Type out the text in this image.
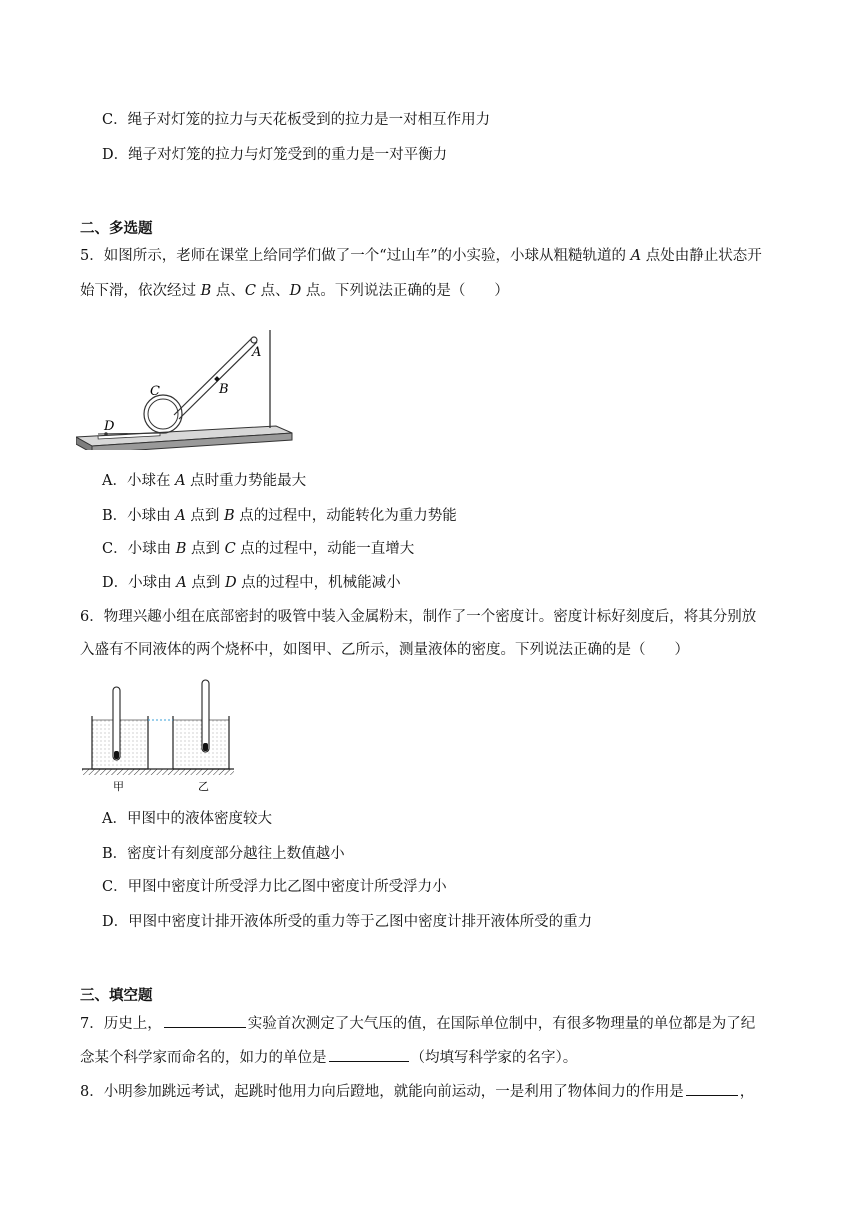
C．绳子对灯笼的拉力与天花板受到的拉力是一对相互作用力
D．绳子对灯笼的拉力与灯笼受到的重力是一对平衡力
二、多选题
5．如图所示，老师在课堂上给同学们做了一个“过山车”的小实验，小球从粗糙轨道的 A 点处由静止状态开
始下滑，依次经过 B 点、C 点、D 点。下列说法正确的是（　　）
A
B
C
D
A．小球在 A 点时重力势能最大
B．小球由 A 点到 B 点的过程中，动能转化为重力势能
C．小球由 B 点到 C 点的过程中，动能一直增大
D．小球由 A 点到 D 点的过程中，机械能减小
6．物理兴趣小组在底部密封的吸管中装入金属粉末，制作了一个密度计。密度计标好刻度后，将其分别放
入盛有不同液体的两个烧杯中，如图甲、乙所示，测量液体的密度。下列说法正确的是（　　）
甲	乙
A．甲图中的液体密度较大
B．密度计有刻度部分越往上数值越小
C．甲图中密度计所受浮力比乙图中密度计所受浮力小
D．甲图中密度计排开液体所受的重力等于乙图中密度计排开液体所受的重力
三、填空题
7．历史上，	实验首次测定了大气压的值，在国际单位制中，有很多物理量的单位都是为了纪
念某个科学家而命名的，如力的单位是	（均填写科学家的名字）。
8．小明参加跳远考试，起跳时他用力向后蹬地，就能向前运动，一是利用了物体间力的作用是	，
